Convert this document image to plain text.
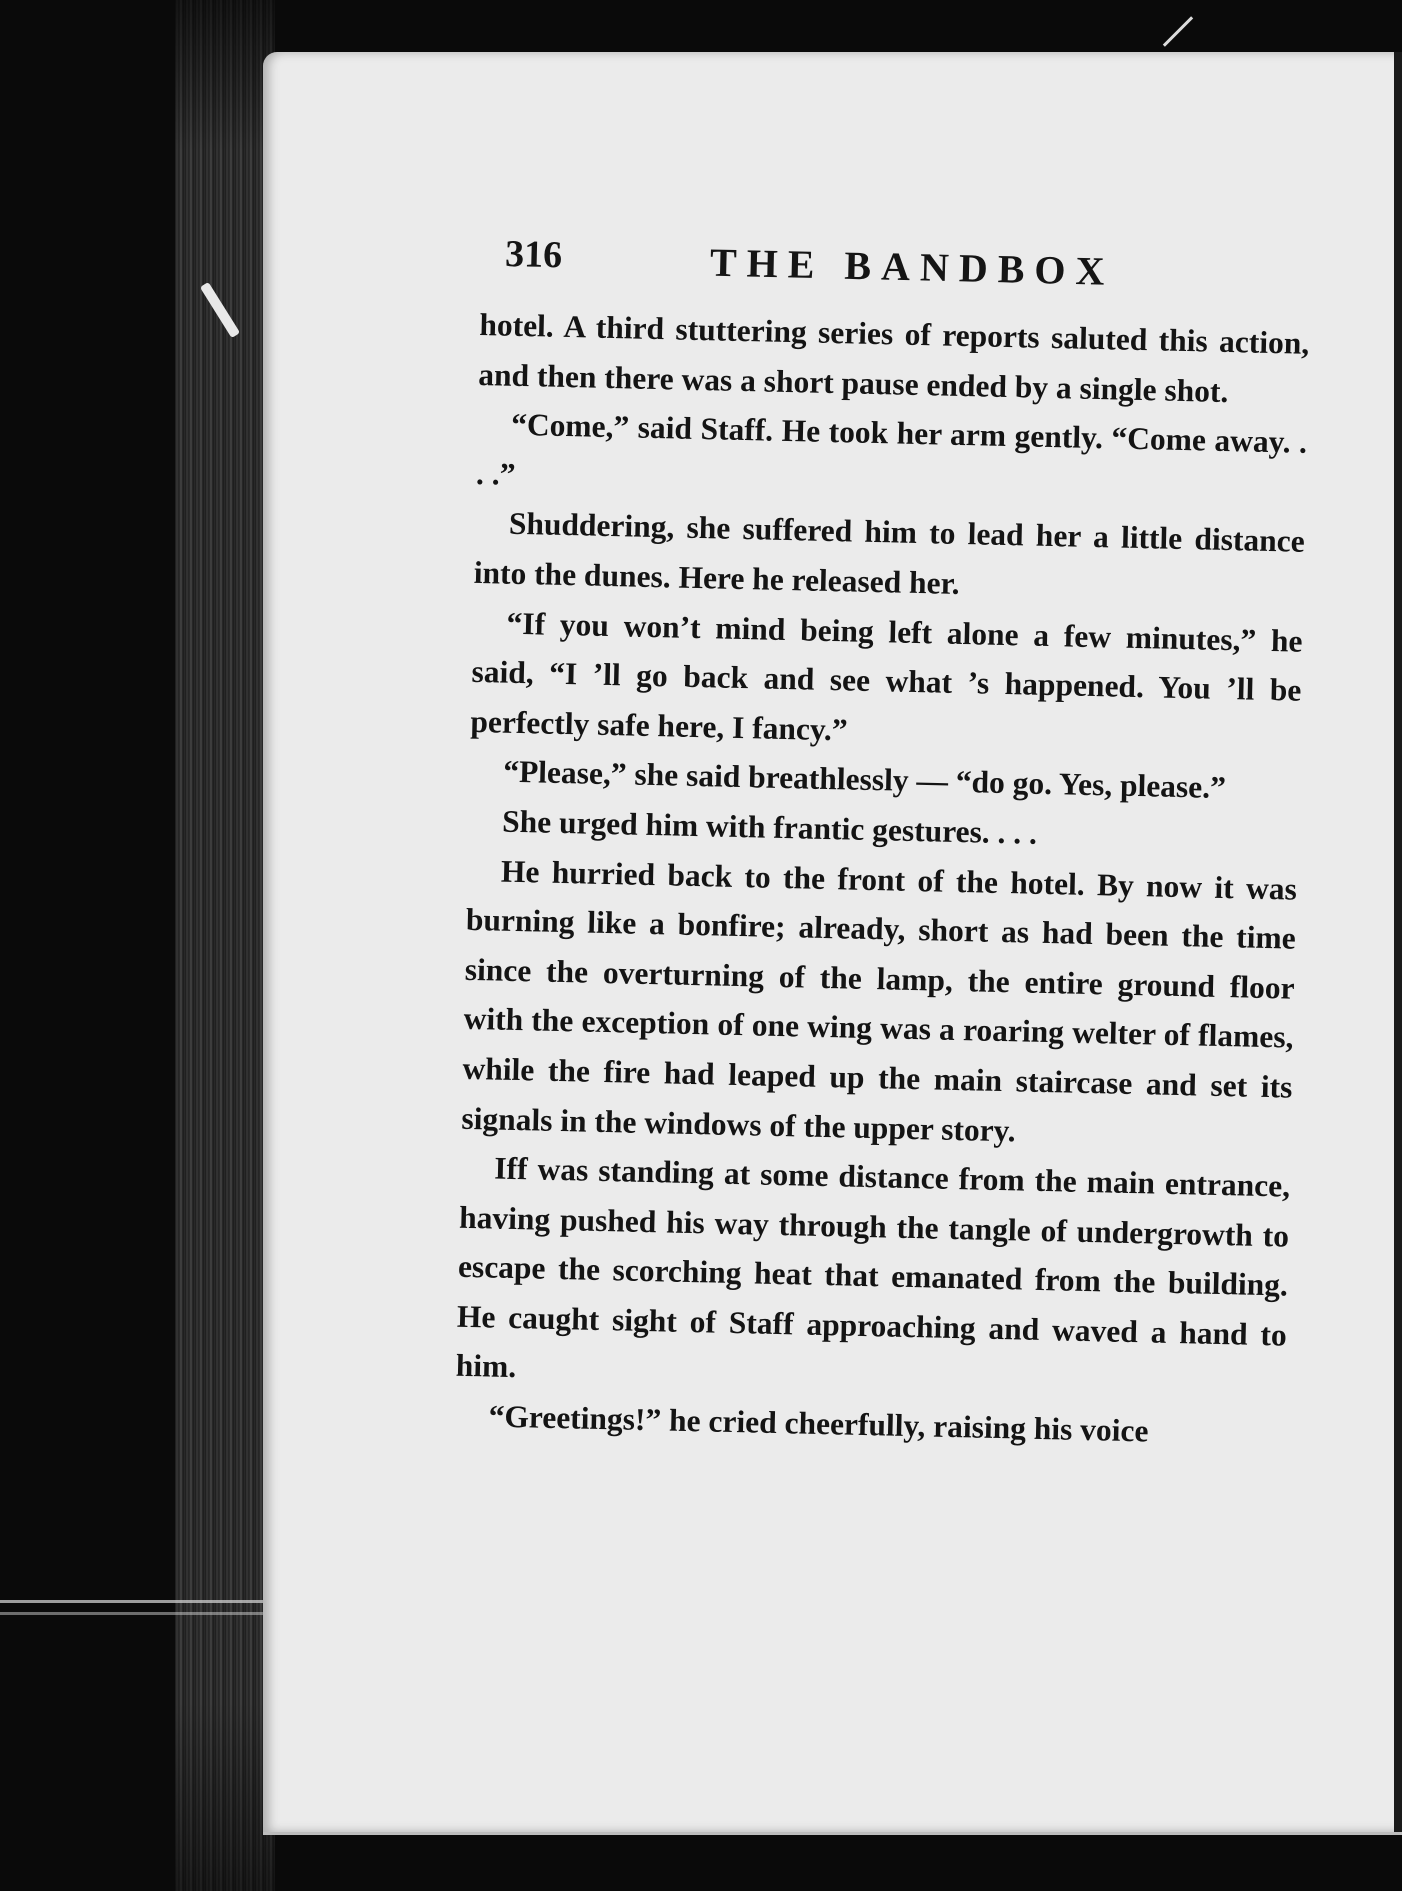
316	THE BANDBOX

hotel. A third stuttering series of reports saluted this action, and then there was a short pause ended by a single shot.

“Come,” said Staff. He took her arm gently. “Come away. . . .”

Shuddering, she suffered him to lead her a little distance into the dunes. Here he released her.

“If you won’t mind being left alone a few minutes,” he said, “I ’ll go back and see what ’s happened. You ’ll be perfectly safe here, I fancy.”

“Please,” she said breathlessly — “do go. Yes, please.”

She urged him with frantic gestures. . . .

He hurried back to the front of the hotel. By now it was burning like a bonfire; already, short as had been the time since the overturning of the lamp, the entire ground floor with the exception of one wing was a roaring welter of flames, while the fire had leaped up the main staircase and set its signals in the windows of the upper story.

Iff was standing at some distance from the main entrance, having pushed his way through the tangle of undergrowth to escape the scorching heat that emanated from the building. He caught sight of Staff approaching and waved a hand to him.

“Greetings!” he cried cheerfully, raising his voice
